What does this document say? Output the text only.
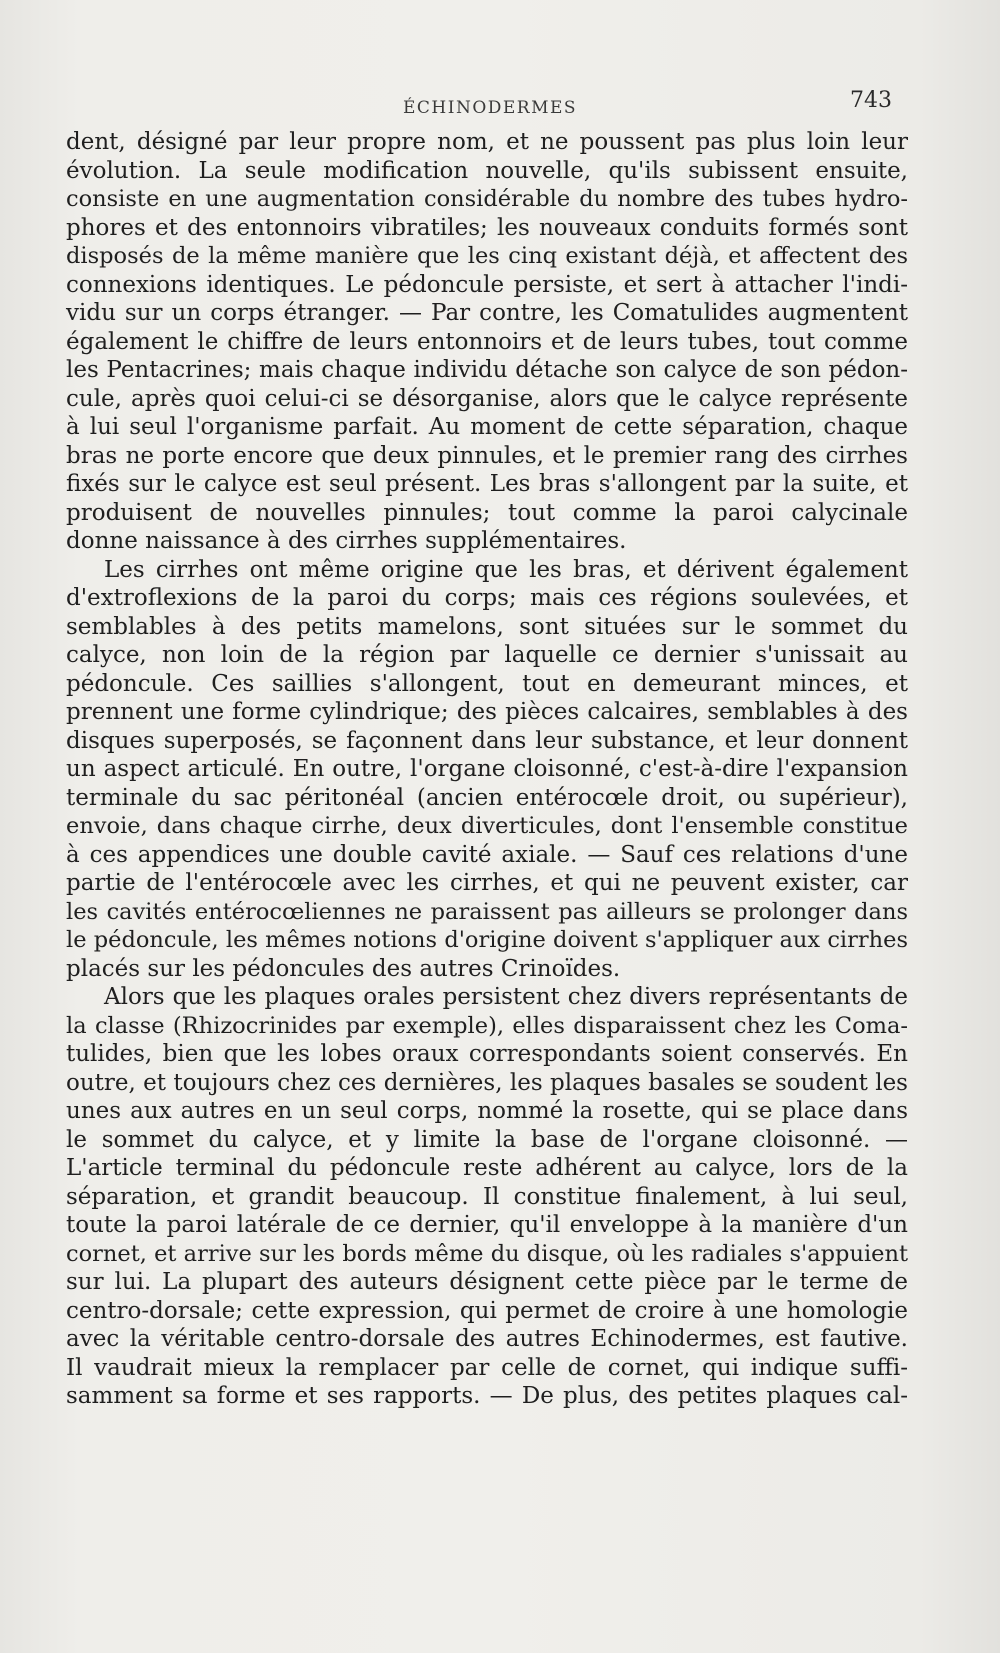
ÉCHINODERMES	743
dent, désigné par leur propre nom, et ne poussent pas plus loin leur
évolution. La seule modification nouvelle, qu'ils subissent ensuite,
consiste en une augmentation considérable du nombre des tubes hydro-
phores et des entonnoirs vibratiles; les nouveaux conduits formés sont
disposés de la même manière que les cinq existant déjà, et affectent des
connexions identiques. Le pédoncule persiste, et sert à attacher l'indi-
vidu sur un corps étranger. — Par contre, les Comatulides augmentent
également le chiffre de leurs entonnoirs et de leurs tubes, tout comme
les Pentacrines; mais chaque individu détache son calyce de son pédon-
cule, après quoi celui-ci se désorganise, alors que le calyce représente
à lui seul l'organisme parfait. Au moment de cette séparation, chaque
bras ne porte encore que deux pinnules, et le premier rang des cirrhes
fixés sur le calyce est seul présent. Les bras s'allongent par la suite, et
produisent de nouvelles pinnules; tout comme la paroi calycinale
donne naissance à des cirrhes supplémentaires.
Les cirrhes ont même origine que les bras, et dérivent également
d'extroflexions de la paroi du corps; mais ces régions soulevées, et
semblables à des petits mamelons, sont situées sur le sommet du
calyce, non loin de la région par laquelle ce dernier s'unissait au
pédoncule. Ces saillies s'allongent, tout en demeurant minces, et
prennent une forme cylindrique; des pièces calcaires, semblables à des
disques superposés, se façonnent dans leur substance, et leur donnent
un aspect articulé. En outre, l'organe cloisonné, c'est-à-dire l'expansion
terminale du sac péritonéal (ancien entérocœle droit, ou supérieur),
envoie, dans chaque cirrhe, deux diverticules, dont l'ensemble constitue
à ces appendices une double cavité axiale. — Sauf ces relations d'une
partie de l'entérocœle avec les cirrhes, et qui ne peuvent exister, car
les cavités entérocœliennes ne paraissent pas ailleurs se prolonger dans
le pédoncule, les mêmes notions d'origine doivent s'appliquer aux cirrhes
placés sur les pédoncules des autres Crinoïdes.
Alors que les plaques orales persistent chez divers représentants de
la classe (Rhizocrinides par exemple), elles disparaissent chez les Coma-
tulides, bien que les lobes oraux correspondants soient conservés. En
outre, et toujours chez ces dernières, les plaques basales se soudent les
unes aux autres en un seul corps, nommé la rosette, qui se place dans
le sommet du calyce, et y limite la base de l'organe cloisonné. —
L'article terminal du pédoncule reste adhérent au calyce, lors de la
séparation, et grandit beaucoup. Il constitue finalement, à lui seul,
toute la paroi latérale de ce dernier, qu'il enveloppe à la manière d'un
cornet, et arrive sur les bords même du disque, où les radiales s'appuient
sur lui. La plupart des auteurs désignent cette pièce par le terme de
centro-dorsale; cette expression, qui permet de croire à une homologie
avec la véritable centro-dorsale des autres Echinodermes, est fautive.
Il vaudrait mieux la remplacer par celle de cornet, qui indique suffi-
samment sa forme et ses rapports. — De plus, des petites plaques cal-
